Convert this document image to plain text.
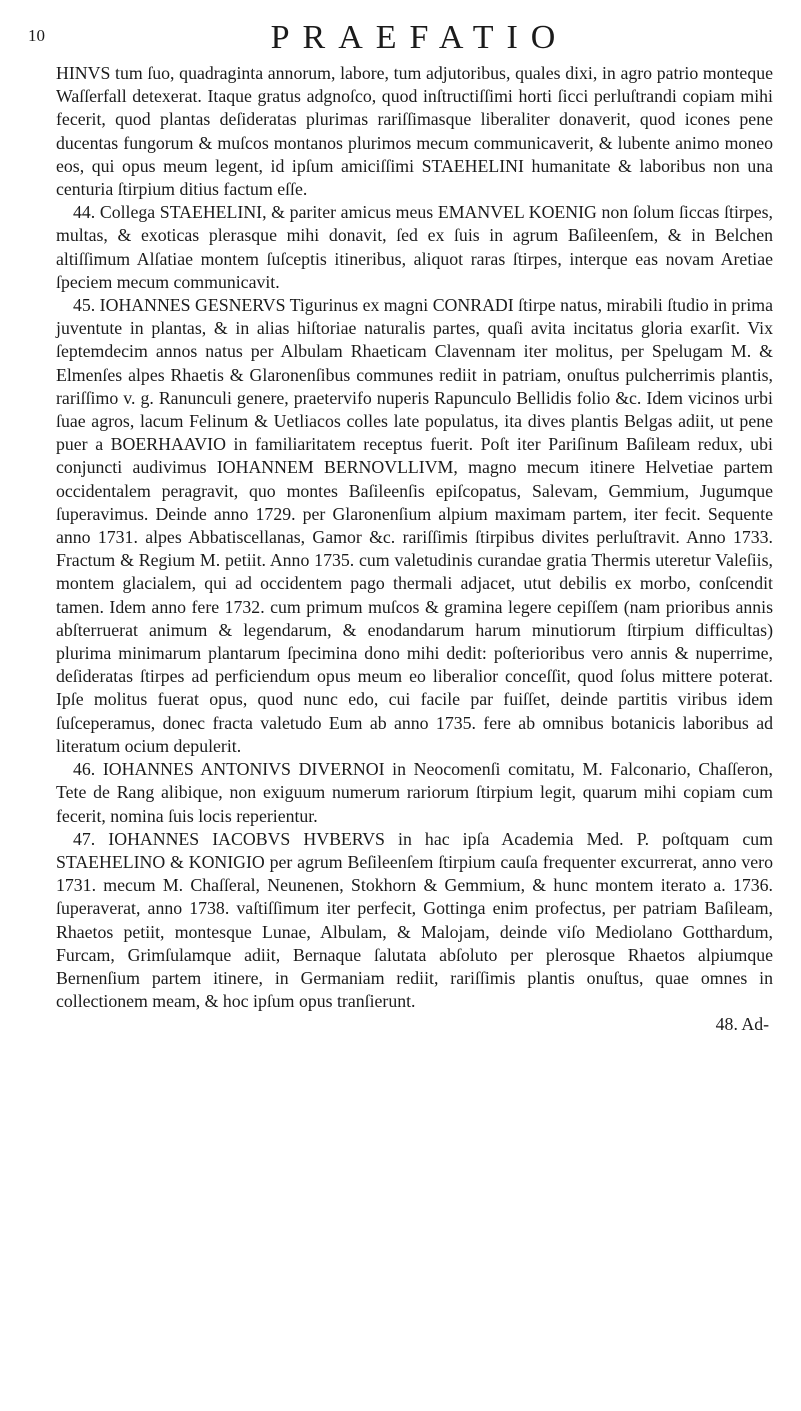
10	PRAEFATIO

HINVS tum ſuo, quadraginta annorum, labore, tum adjutoribus, quales dixi, in agro patrio monteque Waſſerfall detexerat. Itaque gratus adgnoſco, quod inſtructiſſimi horti ſicci perluſtrandi copiam mihi fecerit, quod plantas deſideratas plurimas rariſſimasque liberaliter donaverit, quod icones pene ducentas fungorum & muſcos montanos plurimos mecum communicaverit, & lubente animo moneo eos, qui opus meum legent, id ipſum amiciſſimi STAEHELINI humanitate & laboribus non una centuria ſtirpium ditius factum eſſe.

44. Collega STAEHELINI, & pariter amicus meus EMANVEL KOENIG non ſolum ſiccas ſtirpes, multas, & exoticas plerasque mihi donavit, ſed ex ſuis in agrum Baſileenſem, & in Belchen altiſſimum Alſatiae montem ſuſceptis itineribus, aliquot raras ſtirpes, interque eas novam Aretiae ſpeciem mecum communicavit.

45. IOHANNES GESNERVS Tigurinus ex magni CONRADI ſtirpe natus, mirabili ſtudio in prima juventute in plantas, & in alias hiſtoriae naturalis partes, quaſi avita incitatus gloria exarſit. Vix ſeptemdecim annos natus per Albulam Rhaeticam Clavennam iter molitus, per Spelugam M. & Elmenſes alpes Rhaetis & Glaronenſibus communes rediit in patriam, onuſtus pulcherrimis plantis, rariſſimo v. g. Ranunculi genere, praetervifo nuperis Rapunculo Bellidis folio &c. Idem vicinos urbi ſuae agros, lacum Felinum & Uetliacos colles late populatus, ita dives plantis Belgas adiit, ut pene puer a BOERHAAVIO in familiaritatem receptus fuerit. Poſt iter Pariſinum Baſileam redux, ubi conjuncti audivimus IOHANNEM BERNOVLLIVM, magno mecum itinere Helvetiae partem occidentalem peragravit, quo montes Baſileenſis epiſcopatus, Salevam, Gemmium, Jugumque ſuperavimus. Deinde anno 1729. per Glaronenſium alpium maximam partem, iter fecit. Sequente anno 1731. alpes Abbatiscellanas, Gamor &c. rariſſimis ſtirpibus divites perluſtravit. Anno 1733. Fractum & Regium M. petiit. Anno 1735. cum valetudinis curandae gratia Thermis uteretur Valeſiis, montem glacialem, qui ad occidentem pago thermali adjacet, utut debilis ex morbo, conſcendit tamen. Idem anno fere 1732. cum primum muſcos & gramina legere cepiſſem (nam prioribus annis abſterruerat animum & legendarum, & enodandarum harum minutiorum ſtirpium difficultas) plurima minimarum plantarum ſpecimina dono mihi dedit: poſterioribus vero annis & nuperrime, deſideratas ſtirpes ad perficiendum opus meum eo liberalior conceſſit, quod ſolus mittere poterat. Ipſe molitus fuerat opus, quod nunc edo, cui facile par fuiſſet, deinde partitis viribus idem ſuſceperamus, donec fracta valetudo Eum ab anno 1735. fere ab omnibus botanicis laboribus ad literatum ocium depulerit.

46. IOHANNES ANTONIVS DIVERNOI in Neocomenſi comitatu, M. Falconario, Chaſſeron, Tete de Rang alibique, non exiguum numerum rariorum ſtirpium legit, quarum mihi copiam cum fecerit, nomina ſuis locis reperientur.

47. IOHANNES IACOBVS HVBERVS in hac ipſa Academia Med. P. poſtquam cum STAEHELINO & KONIGIO per agrum Beſileenſem ſtirpium cauſa frequenter excurrerat, anno vero 1731. mecum M. Chaſſeral, Neunenen, Stokhorn & Gemmium, & hunc montem iterato a. 1736. ſuperaverat, anno 1738. vaſtiſſimum iter perfecit, Gottinga enim profectus, per patriam Baſileam, Rhaetos petiit, montesque Lunae, Albulam, & Malojam, deinde viſo Mediolano Gotthardum, Furcam, Grimſulamque adiit, Bernaque ſalutata abſoluto per plerosque Rhaetos alpiumque Bernenſium partem itinere, in Germaniam rediit, rariſſimis plantis onuſtus, quae omnes in collectionem meam, & hoc ipſum opus tranſierunt.

48. Ad-
